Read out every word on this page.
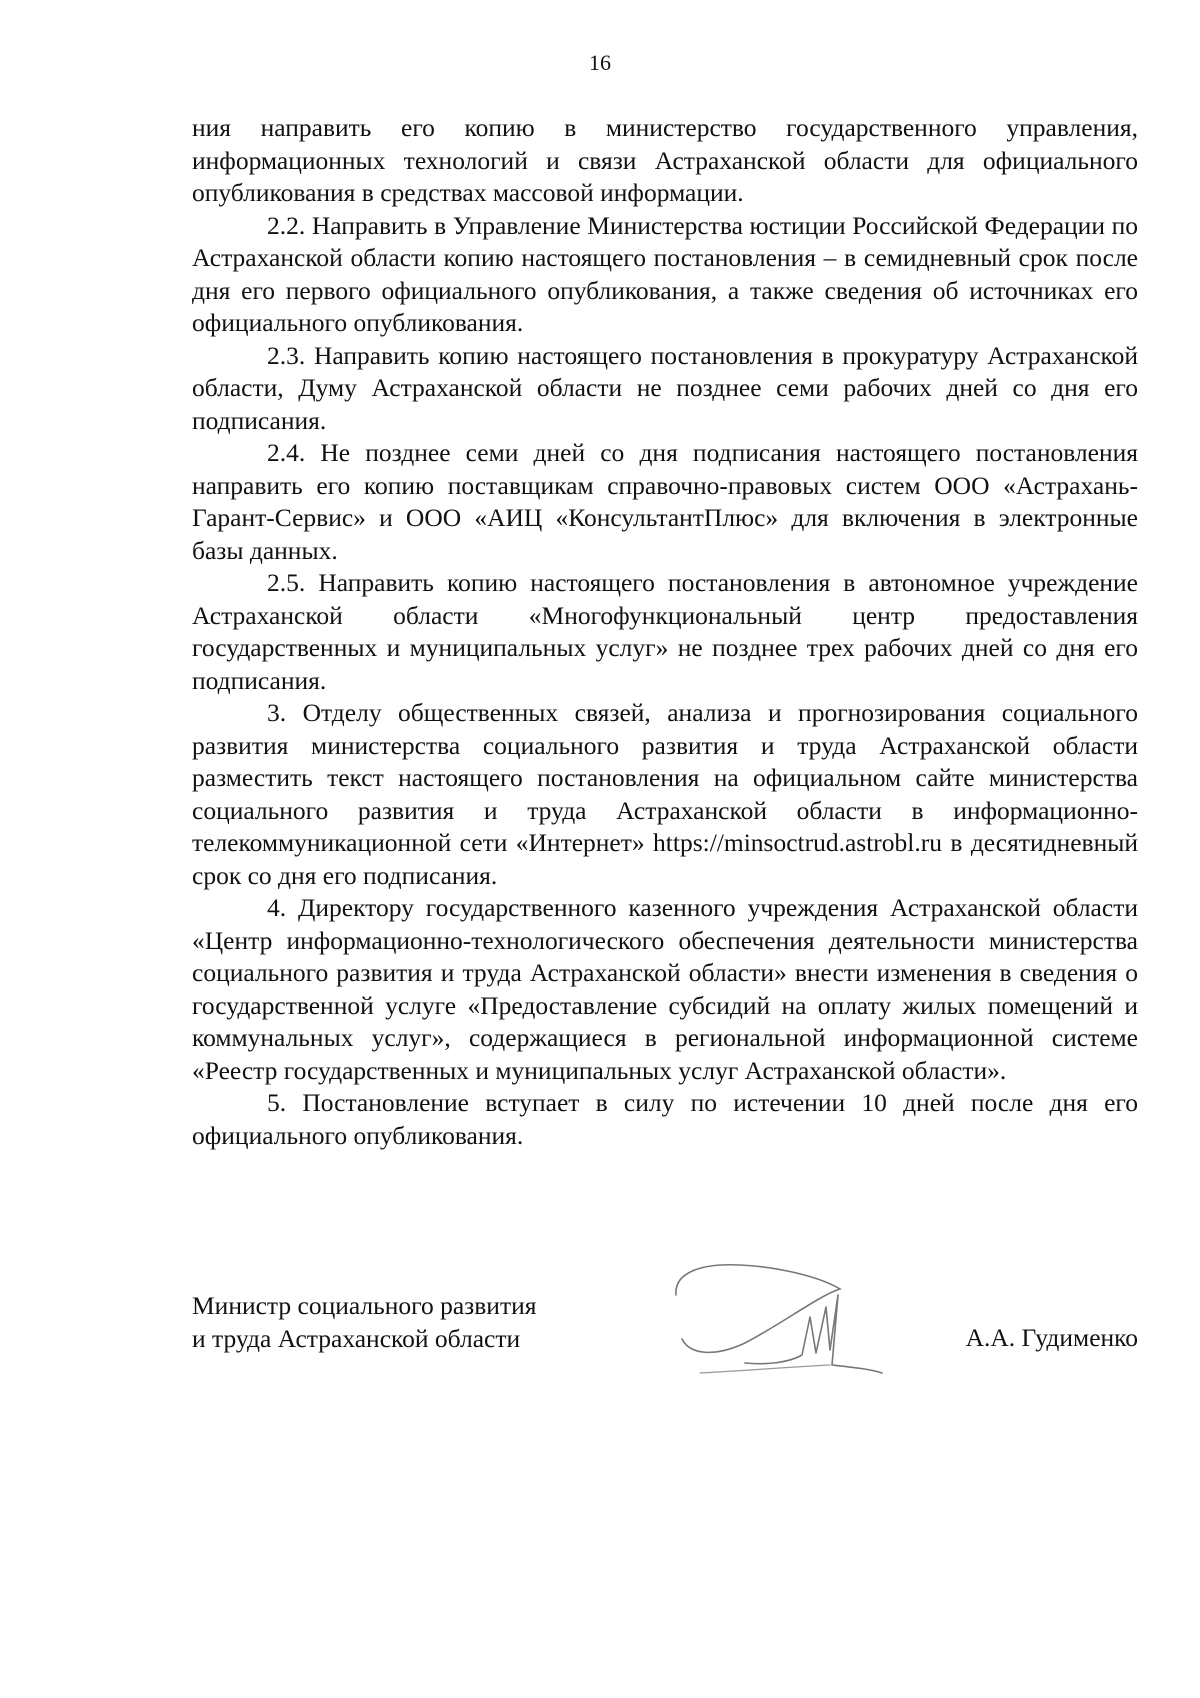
16

ния направить его копию в министерство государственного управления, информационных технологий и связи Астраханской области для официального опубликования в средствах массовой информации.

2.2. Направить в Управление Министерства юстиции Российской Федерации по Астраханской области копию настоящего постановления – в семидневный срок после дня его первого официального опубликования, а также сведения об источниках его официального опубликования.

2.3. Направить копию настоящего постановления в прокуратуру Астраханской области, Думу Астраханской области не позднее семи рабочих дней со дня его подписания.

2.4. Не позднее семи дней со дня подписания настоящего постановления направить его копию поставщикам справочно-правовых систем ООО «Астрахань-Гарант-Сервис» и ООО «АИЦ «КонсультантПлюс» для включения в электронные базы данных.

2.5. Направить копию настоящего постановления в автономное учреждение Астраханской области «Многофункциональный центр предоставления государственных и муниципальных услуг» не позднее трех рабочих дней со дня его подписания.

3. Отделу общественных связей, анализа и прогнозирования социального развития министерства социального развития и труда Астраханской области разместить текст настоящего постановления на официальном сайте министерства социального развития и труда Астраханской области в информационно-телекоммуникационной сети «Интернет» https://minsoctrud.astrobl.ru в десятидневный срок со дня его подписания.

4. Директору государственного казенного учреждения Астраханской области «Центр информационно-технологического обеспечения деятельности министерства социального развития и труда Астраханской области» внести изменения в сведения о государственной услуге «Предоставление субсидий на оплату жилых помещений и коммунальных услуг», содержащиеся в региональной информационной системе «Реестр государственных и муниципальных услуг Астраханской области».

5. Постановление вступает в силу по истечении 10 дней после дня его официального опубликования.

Министр социального развития
и труда Астраханской области	А.А. Гудименко
